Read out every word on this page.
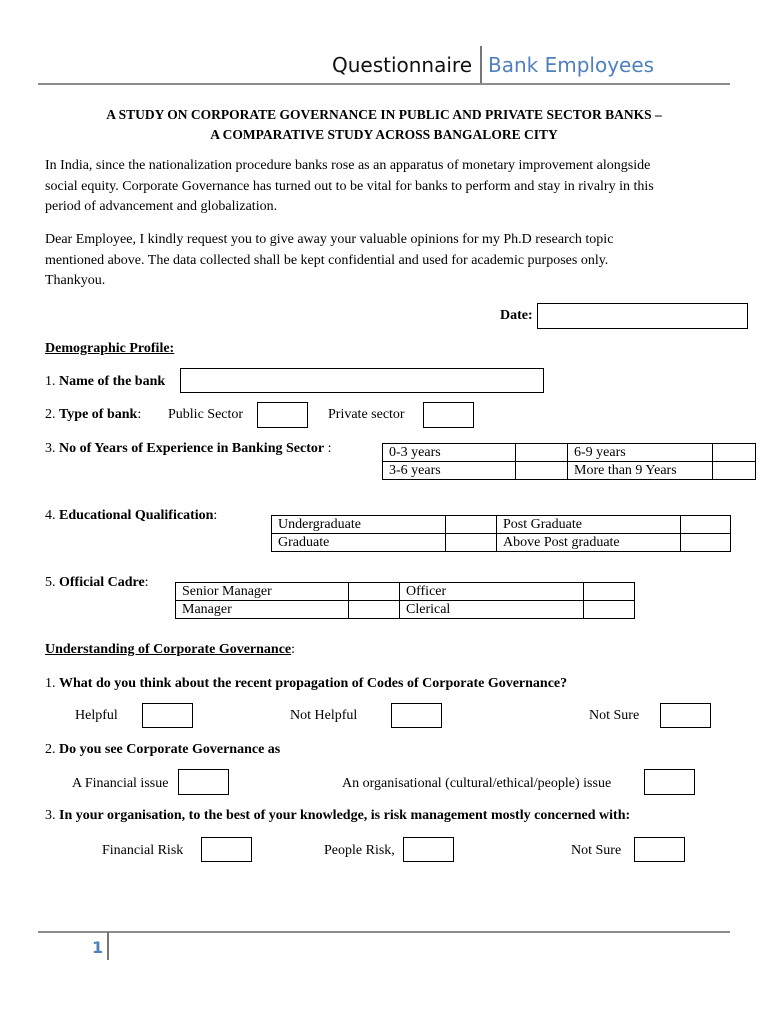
Questionnaire Bank Employees
A STUDY ON CORPORATE GOVERNANCE IN PUBLIC AND PRIVATE SECTOR BANKS –
A COMPARATIVE STUDY ACROSS BANGALORE CITY
In India, since the nationalization procedure banks rose as an apparatus of monetary improvement alongside
social equity. Corporate Governance has turned out to be vital for banks to perform and stay in rivalry in this
period of advancement and globalization.
Dear Employee, I kindly request you to give away your valuable opinions for my Ph.D research topic
mentioned above. The data collected shall be kept confidential and used for academic purposes only.
Thankyou.
Date:
Demographic Profile:
1. Name of the bank
2. Type of bank: Public Sector	Private sector
3. No of Years of Experience in Banking Sector :	0-3 years		6-9 years	
3-6 years		More than 9 Years	
4. Educational Qualification:
Undergraduate		Post Graduate	
Graduate		Above Post graduate	
5. Official Cadre:
Senior Manager		Officer	
Manager		Clerical	
Understanding of Corporate Governance:
1. What do you think about the recent propagation of Codes of Corporate Governance?
Helpful	Not Helpful	Not Sure
2. Do you see Corporate Governance as
A Financial issue	An organisational (cultural/ethical/people) issue
3. In your organisation, to the best of your knowledge, is risk management mostly concerned with:
Financial Risk	People Risk,	Not Sure
1
